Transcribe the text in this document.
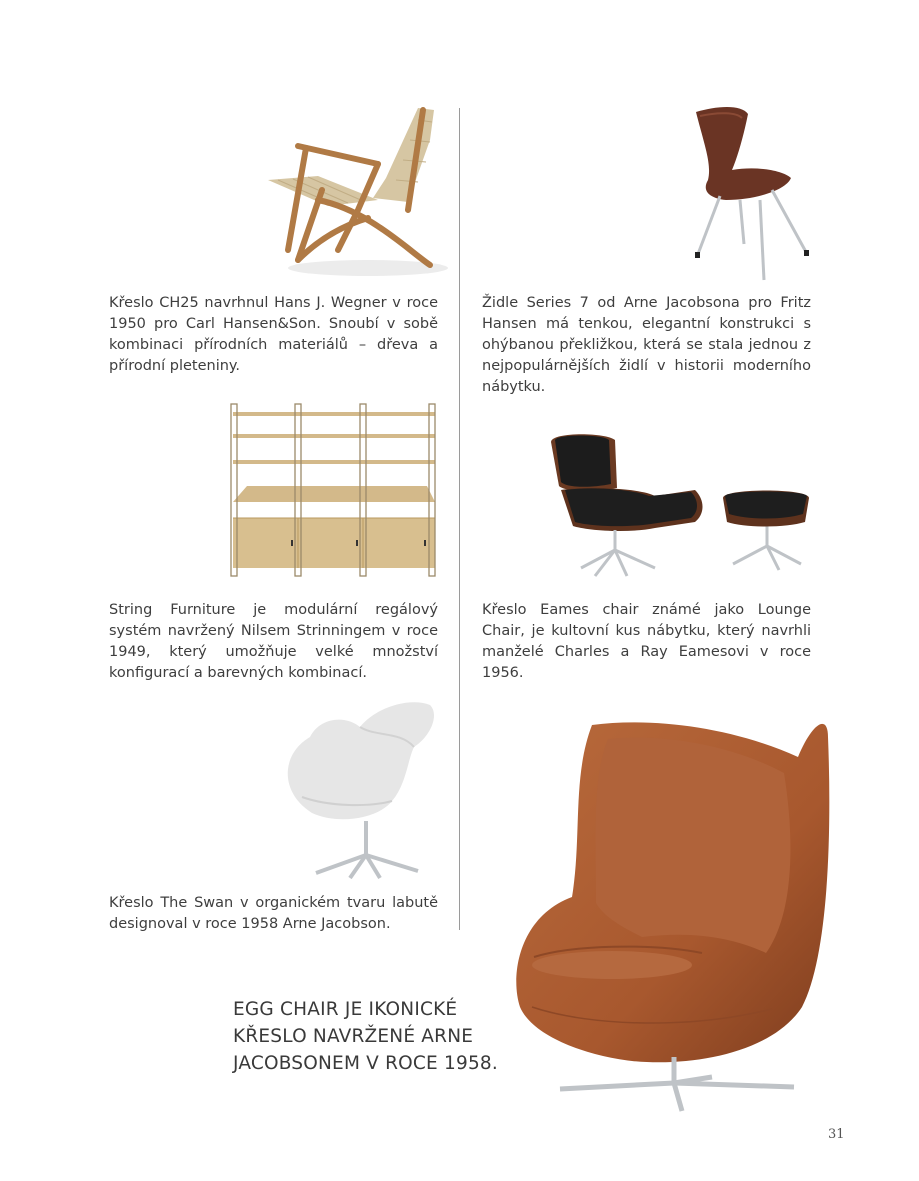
Křeslo CH25 navrhnul Hans J. Wegner v roce 1950 pro Carl Hansen&Son. Snoubí v sobě kombinaci přírodních materiálů – dřeva a přírodní pleteniny.

Židle Series 7 od Arne Jacobsona pro Fritz Hansen má tenkou, elegantní konstrukci s ohýbanou překližkou, která se stala jednou z nejpopulárnějších židlí v historii moderního nábytku.

String Furniture je modulární regálový systém navržený Nilsem Strinningem v roce 1949, který umožňuje velké množství konfigurací a barevných kombinací.

Křeslo Eames chair známé jako Lounge Chair, je kultovní kus nábytku, který navrhli manželé Charles a Ray Eamesovi v roce 1956.

Křeslo The Swan v organickém tvaru labutě designoval v roce 1958 Arne Jacobson.

EGG CHAIR JE IKONICKÉ KŘESLO NAVRŽENÉ ARNE JACOBSONEM V ROCE 1958.

31
